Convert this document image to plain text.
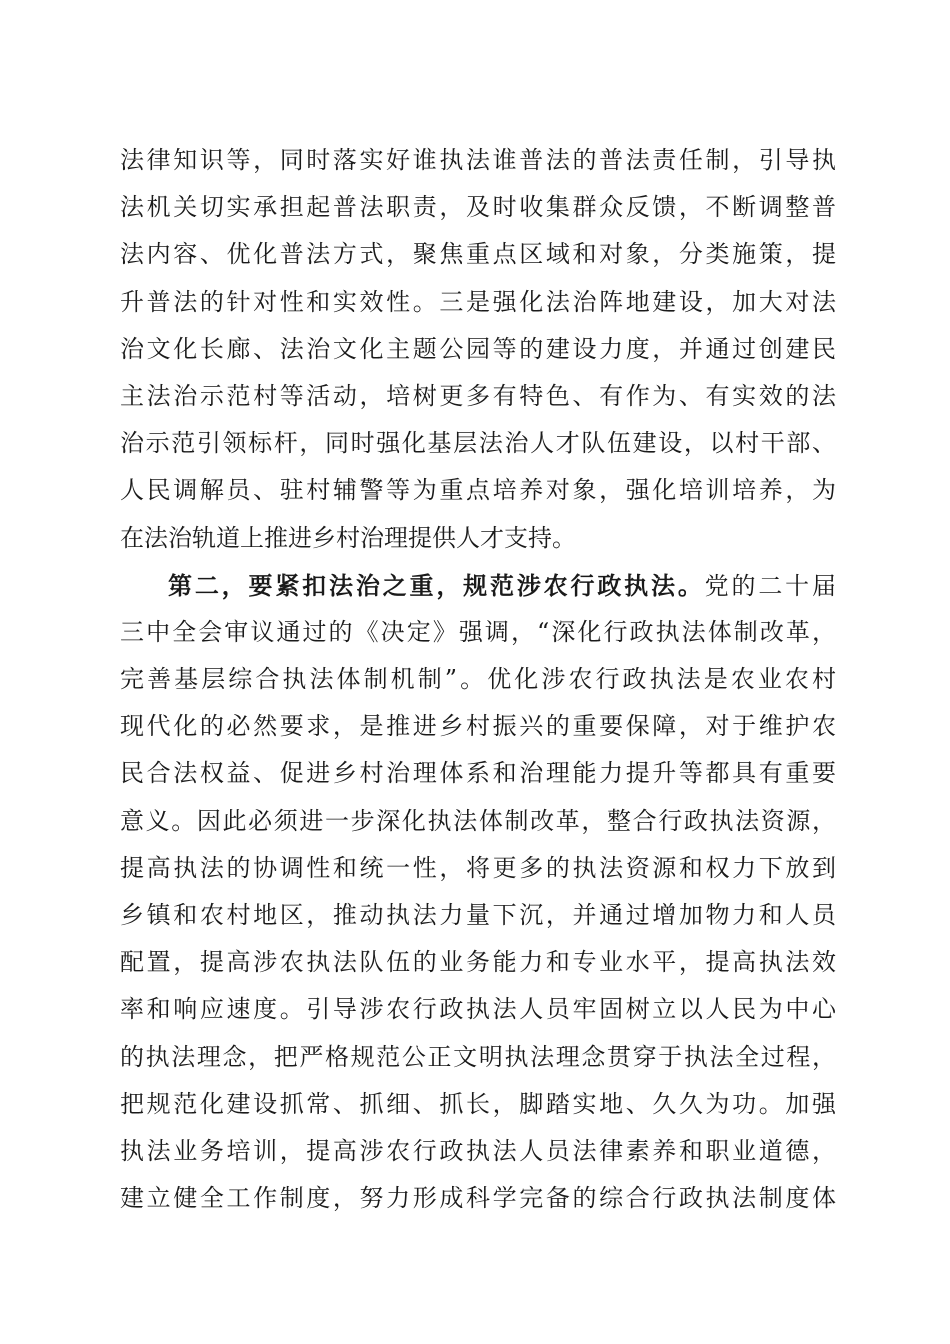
法律知识等，同时落实好谁执法谁普法的普法责任制，引导执
法机关切实承担起普法职责，及时收集群众反馈，不断调整普
法内容、优化普法方式，聚焦重点区域和对象，分类施策，提
升普法的针对性和实效性。三是强化法治阵地建设，加大对法
治文化长廊、法治文化主题公园等的建设力度，并通过创建民
主法治示范村等活动，培树更多有特色、有作为、有实效的法
治示范引领标杆，同时强化基层法治人才队伍建设，以村干部、
人民调解员、驻村辅警等为重点培养对象，强化培训培养，为
在法治轨道上推进乡村治理提供人才支持。
第二，要紧扣法治之重，规范涉农行政执法。党的二十届
三中全会审议通过的《决定》强调，“深化行政执法体制改革，
完善基层综合执法体制机制”。优化涉农行政执法是农业农村
现代化的必然要求，是推进乡村振兴的重要保障，对于维护农
民合法权益、促进乡村治理体系和治理能力提升等都具有重要
意义。因此必须进一步深化执法体制改革，整合行政执法资源，
提高执法的协调性和统一性，将更多的执法资源和权力下放到
乡镇和农村地区，推动执法力量下沉，并通过增加物力和人员
配置，提高涉农执法队伍的业务能力和专业水平，提高执法效
率和响应速度。引导涉农行政执法人员牢固树立以人民为中心
的执法理念，把严格规范公正文明执法理念贯穿于执法全过程，
把规范化建设抓常、抓细、抓长，脚踏实地、久久为功。加强
执法业务培训，提高涉农行政执法人员法律素养和职业道德，
建立健全工作制度，努力形成科学完备的综合行政执法制度体
